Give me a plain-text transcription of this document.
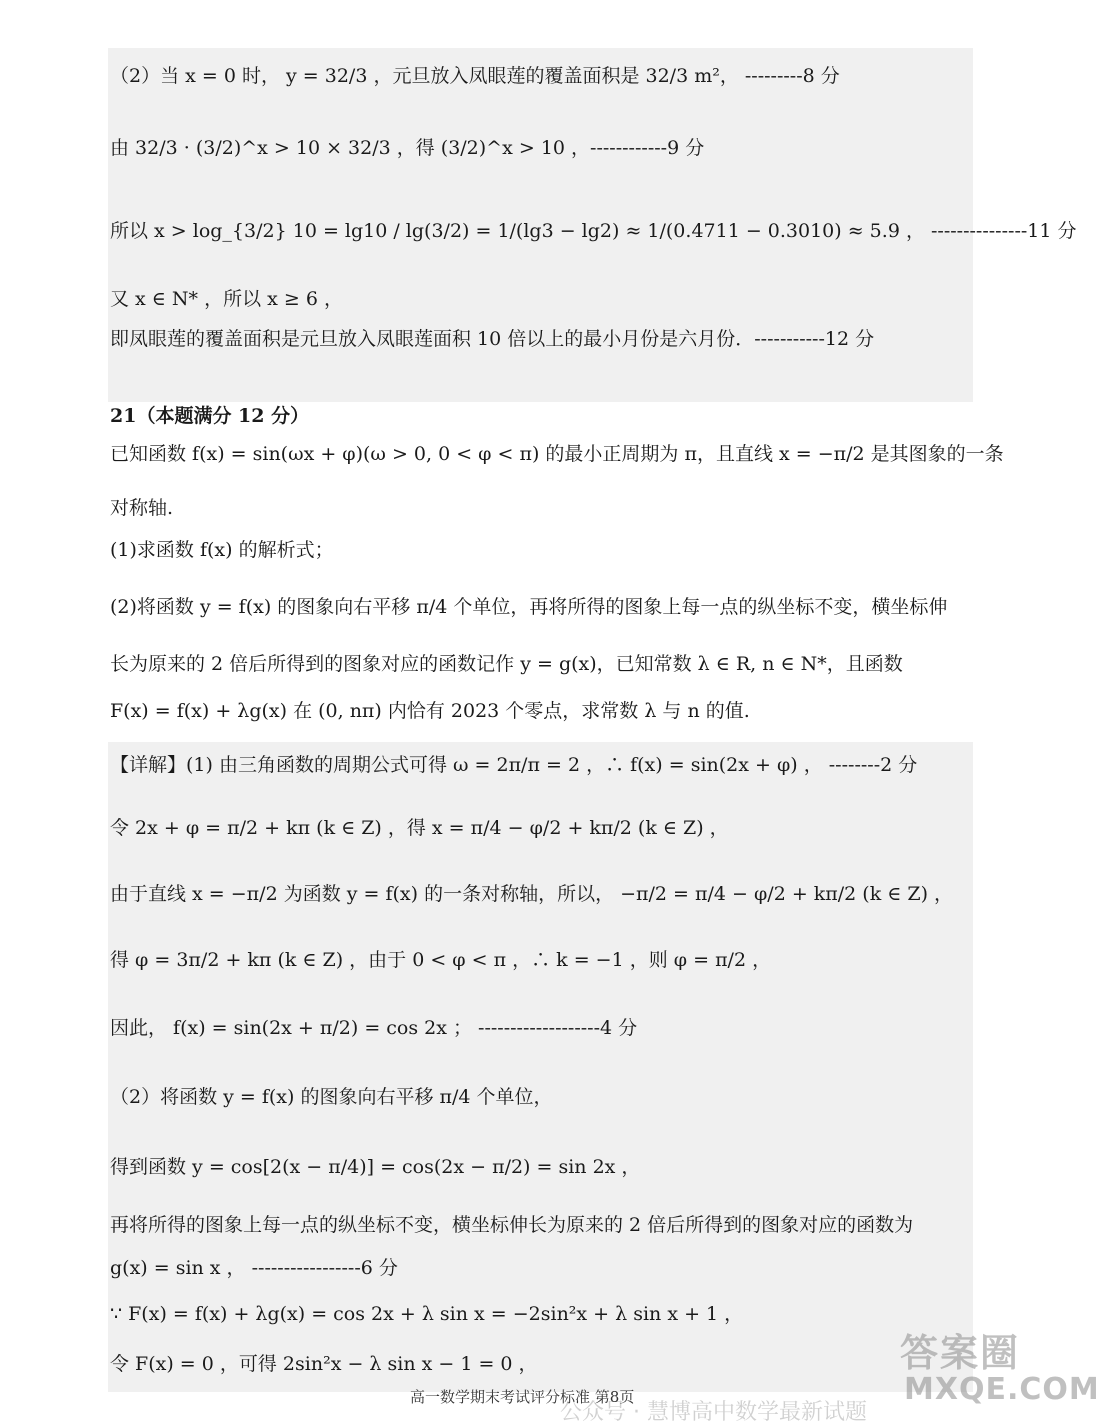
（2）当 x = 0 时， y = 32/3 ，元旦放入凤眼莲的覆盖面积是 32/3 m²， ---------8 分
由 32/3 · (3/2)^x > 10 × 32/3 ，得 (3/2)^x > 10 ，------------9 分
所以 x > log_{3/2} 10 = lg10 / lg(3/2) = 1/(lg3 − lg2) ≈ 1/(0.4711 − 0.3010) ≈ 5.9 ， ---------------11 分
又 x ∈ N* ，所以 x ≥ 6 ，
即凤眼莲的覆盖面积是元旦放入凤眼莲面积 10 倍以上的最小月份是六月份．-----------12 分
21（本题满分 12 分）
已知函数 f(x) = sin(ωx + φ)(ω > 0, 0 < φ < π) 的最小正周期为 π，且直线 x = −π/2 是其图象的一条
对称轴.
(1)求函数 f(x) 的解析式；
(2)将函数 y = f(x) 的图象向右平移 π/4 个单位，再将所得的图象上每一点的纵坐标不变，横坐标伸
长为原来的 2 倍后所得到的图象对应的函数记作 y = g(x)，已知常数 λ ∈ R, n ∈ N*，且函数
F(x) = f(x) + λg(x) 在 (0, nπ) 内恰有 2023 个零点，求常数 λ 与 n 的值.
【详解】(1) 由三角函数的周期公式可得 ω = 2π/π = 2 ，∴ f(x) = sin(2x + φ) ， --------2 分
令 2x + φ = π/2 + kπ (k ∈ Z) ，得 x = π/4 − φ/2 + kπ/2 (k ∈ Z) ，
由于直线 x = −π/2 为函数 y = f(x) 的一条对称轴，所以， −π/2 = π/4 − φ/2 + kπ/2 (k ∈ Z) ，
得 φ = 3π/2 + kπ (k ∈ Z) ，由于 0 < φ < π ，∴ k = −1 ，则 φ = π/2 ，
因此， f(x) = sin(2x + π/2) = cos 2x ； -------------------4 分
（2）将函数 y = f(x) 的图象向右平移 π/4 个单位，
得到函数 y = cos[2(x − π/4)] = cos(2x − π/2) = sin 2x ，
再将所得的图象上每一点的纵坐标不变，横坐标伸长为原来的 2 倍后所得到的图象对应的函数为
g(x) = sin x ， -----------------6 分
∵ F(x) = f(x) + λg(x) = cos 2x + λ sin x = −2sin²x + λ sin x + 1 ，
令 F(x) = 0 ，可得 2sin²x − λ sin x − 1 = 0 ，
公众号 · 慧博高中数学最新试题
高一数学期末考试评分标准 第8页
答案圈
MXQE.COM
